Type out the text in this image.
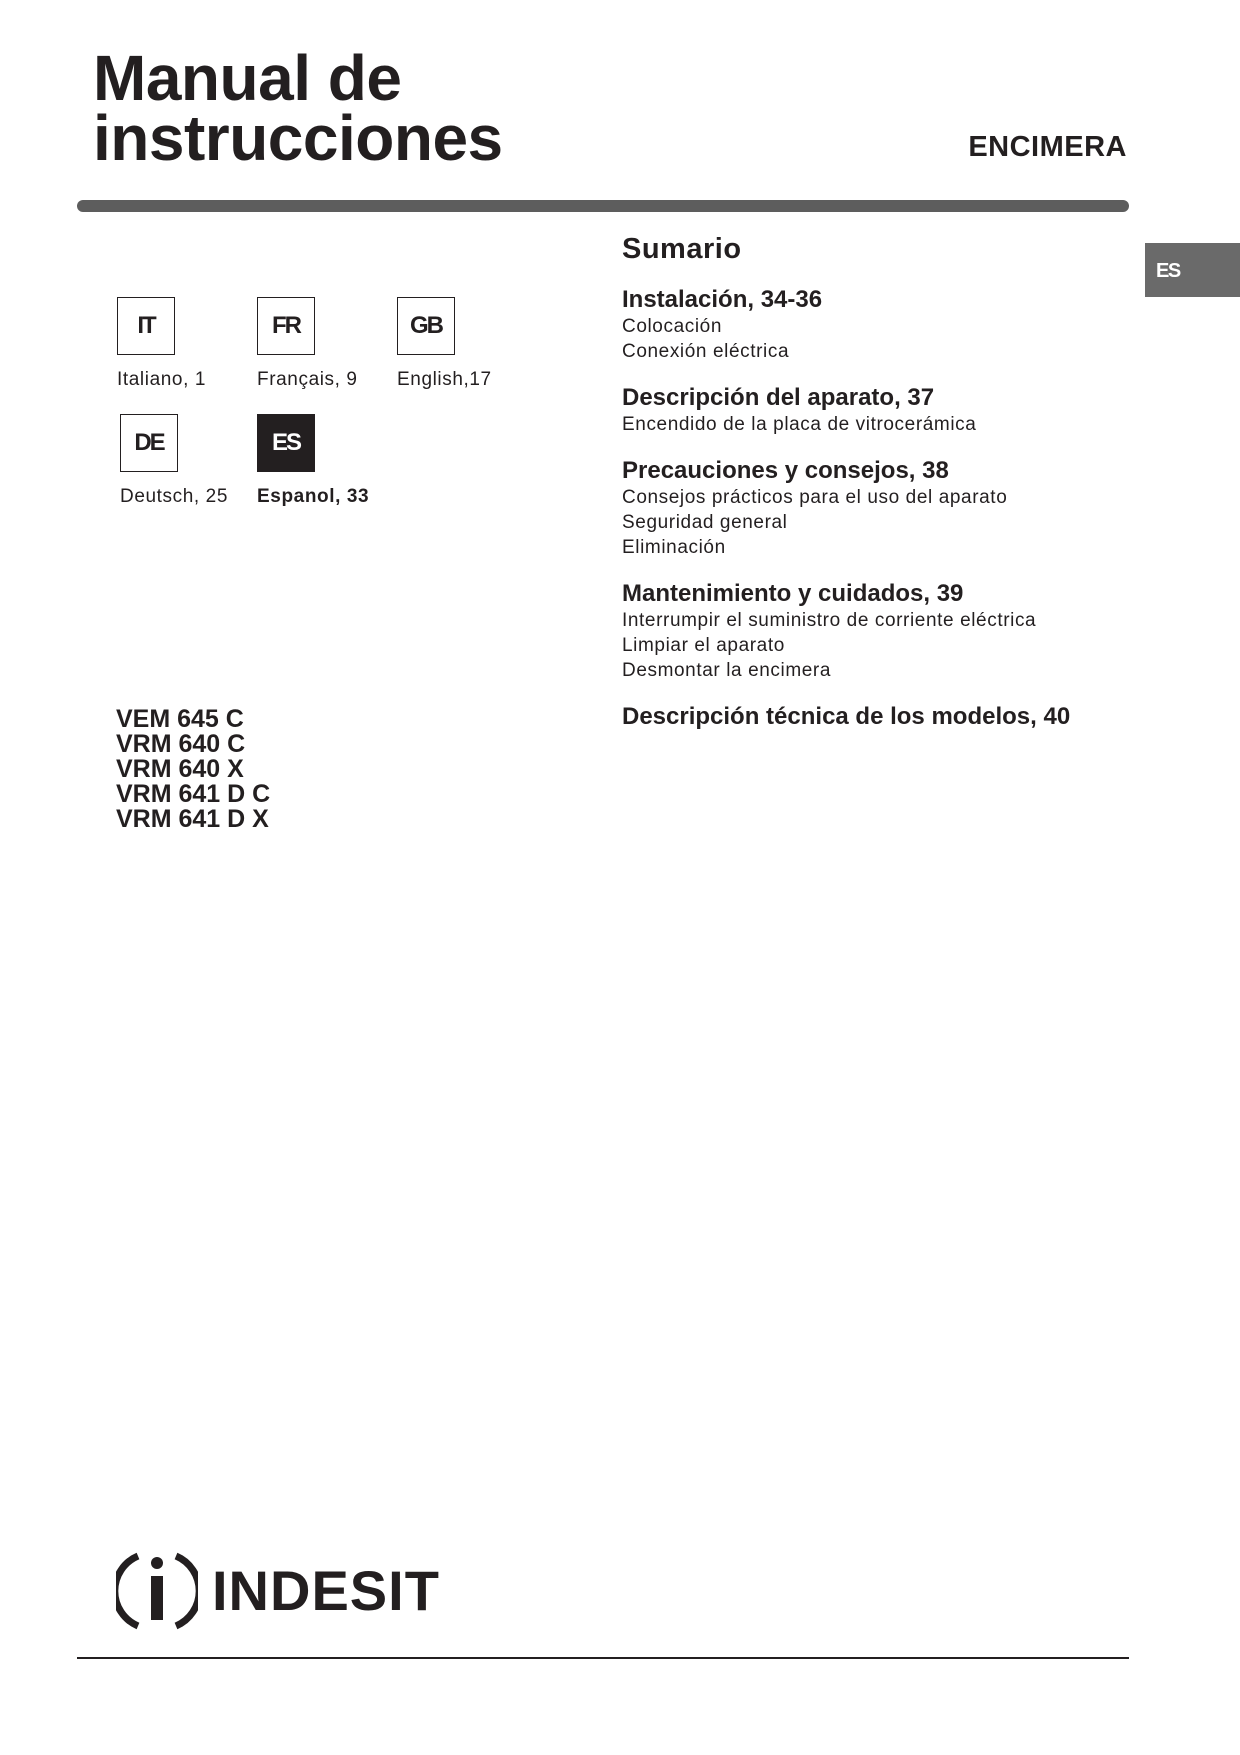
Manual de
instrucciones	ENCIMERA
ES
IT
Italiano, 1
FR
Français, 9
GB
English,17
DE
Deutsch, 25
ES
Espanol, 33
VEM 645 C
VRM 640 C
VRM 640 X
VRM 641 D C
VRM 641 D X
Sumario
Instalación, 34-36
Colocación
Conexión eléctrica
Descripción del aparato, 37
Encendido de la placa de vitrocerámica
Precauciones y consejos, 38
Consejos prácticos para el uso del aparato
Seguridad general
Eliminación
Mantenimiento y cuidados, 39
Interrumpir el suministro de corriente eléctrica
Limpiar el aparato
Desmontar la encimera
Descripción técnica de los modelos, 40
INDESIT
